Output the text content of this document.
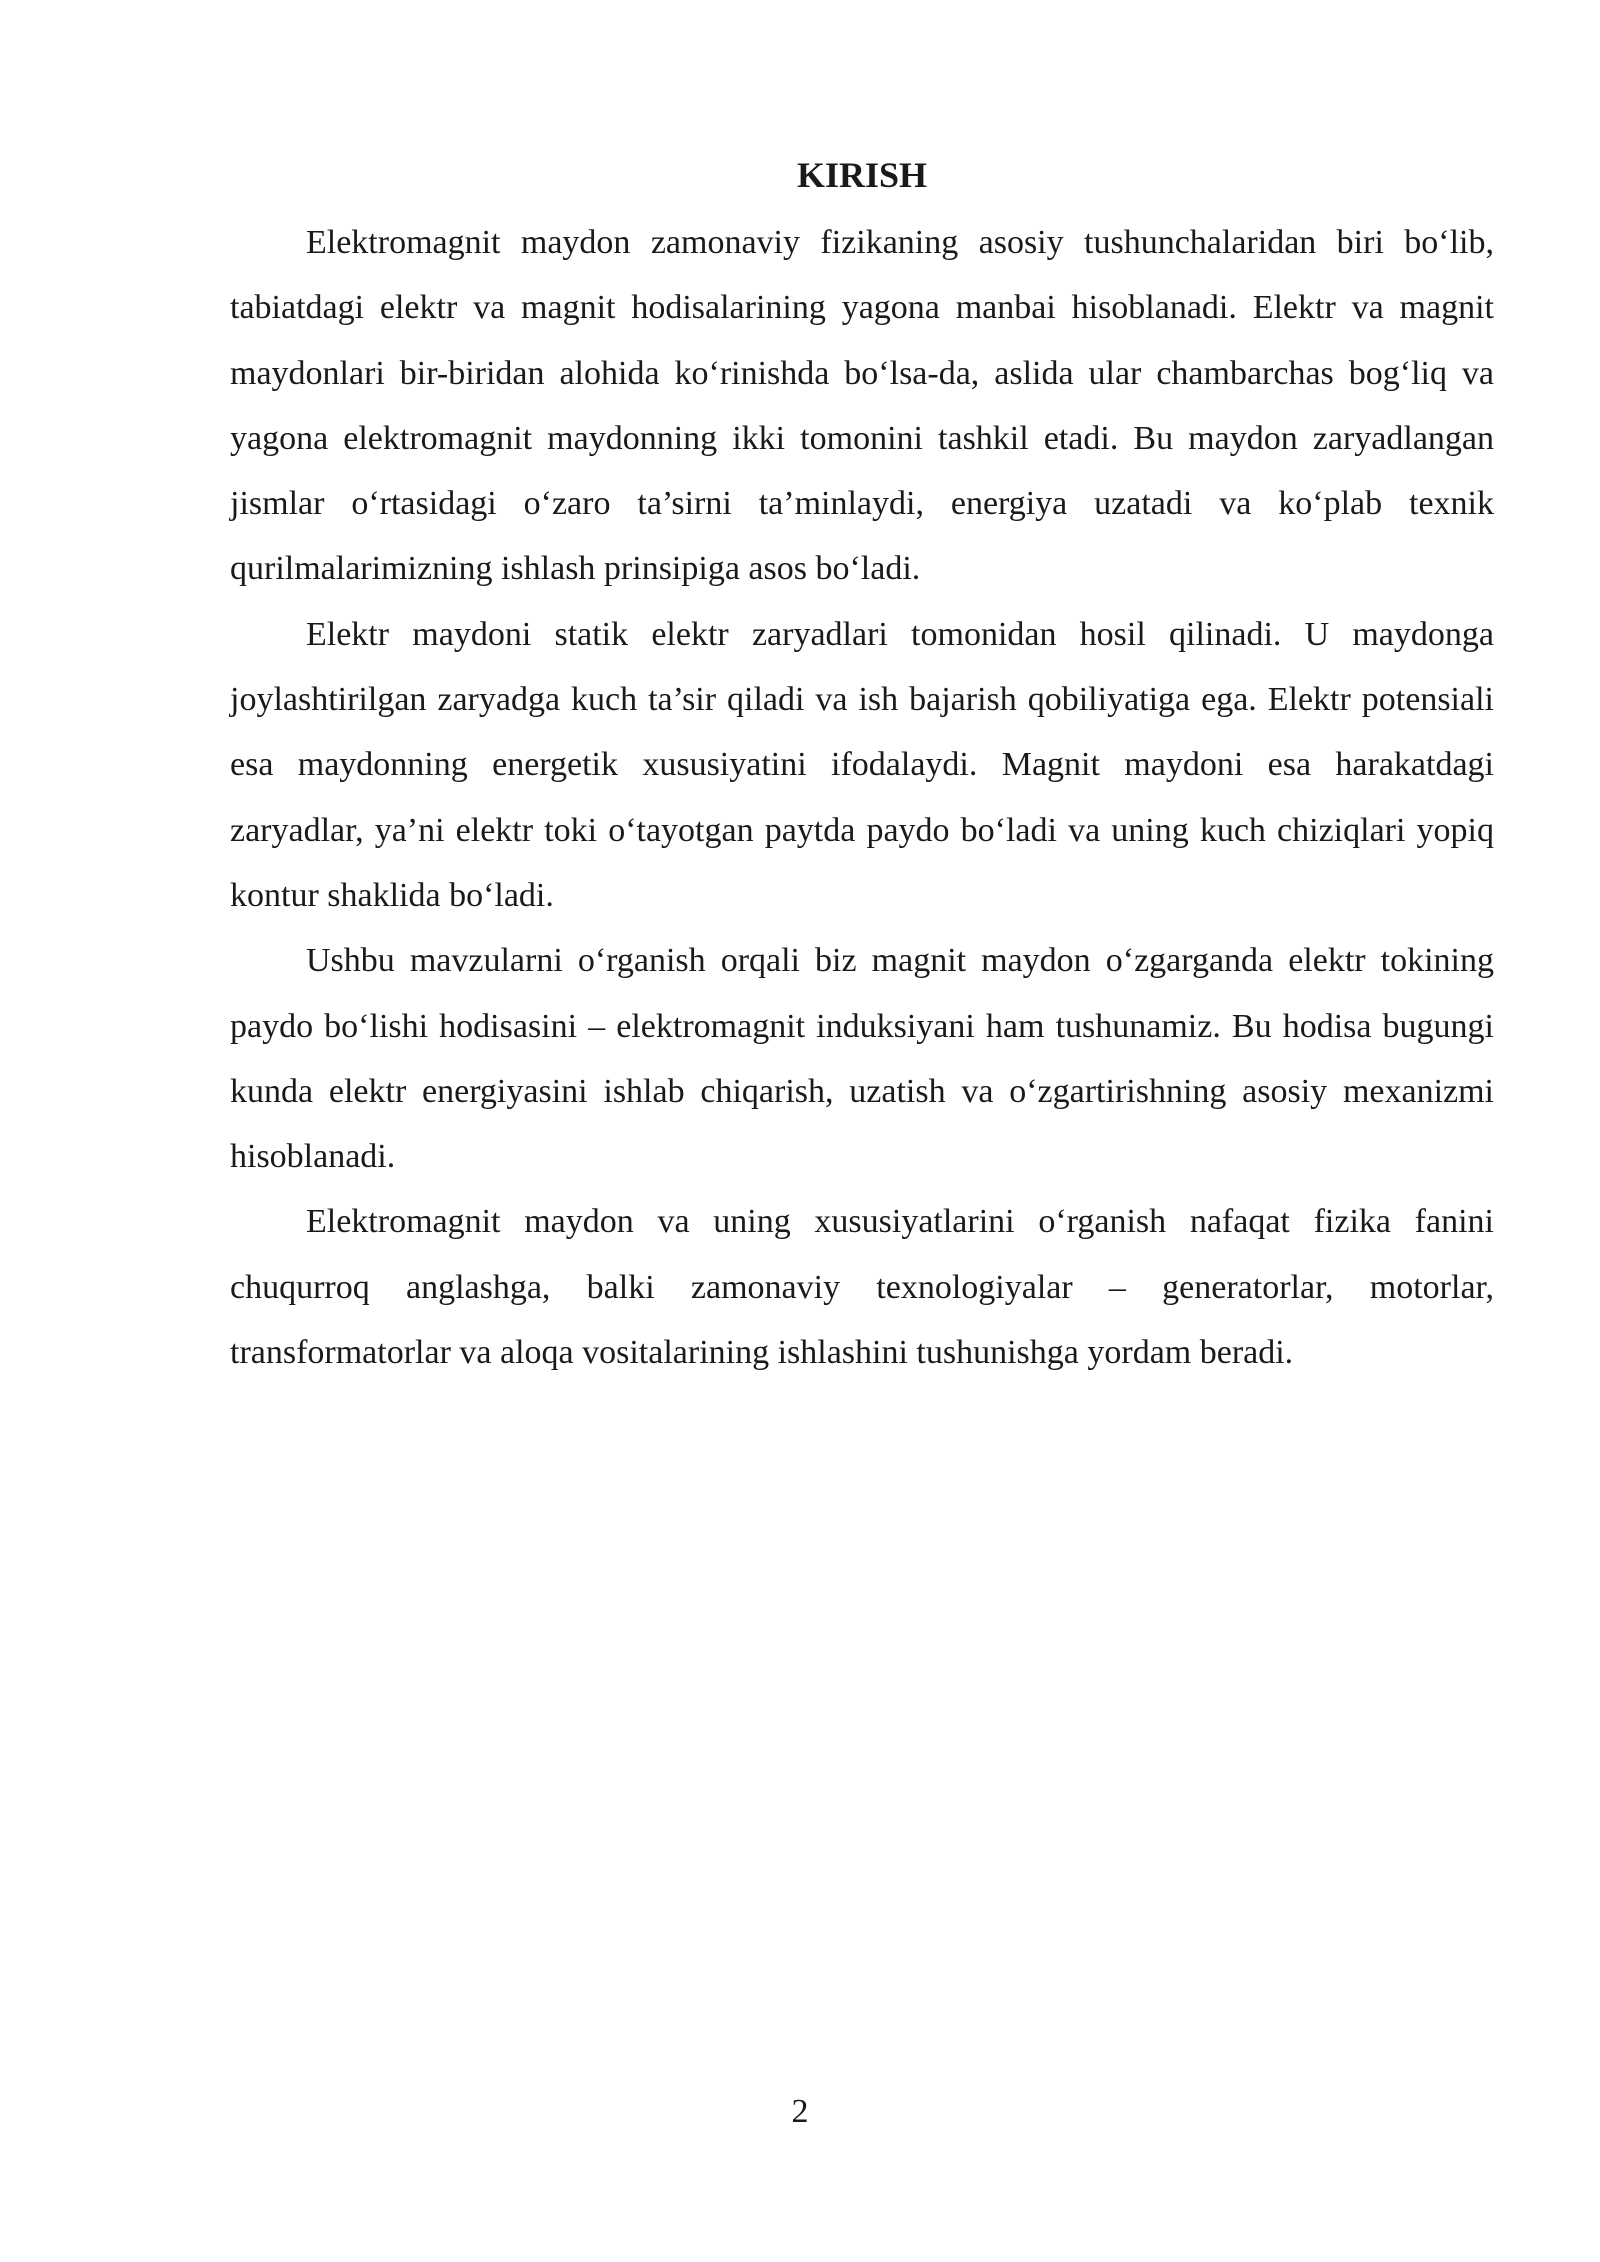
KIRISH

Elektromagnit maydon zamonaviy fizikaning asosiy tushunchalaridan biri bo‘lib, tabiatdagi elektr va magnit hodisalarining yagona manbai hisoblanadi. Elektr va magnit maydonlari bir-biridan alohida ko‘rinishda bo‘lsa-da, aslida ular chambarchas bog‘liq va yagona elektromagnit maydonning ikki tomonini tashkil etadi. Bu maydon zaryadlangan jismlar o‘rtasidagi o‘zaro ta’sirni ta’minlaydi, energiya uzatadi va ko‘plab texnik qurilmalarimizning ishlash prinsipiga asos bo‘ladi.

Elektr maydoni statik elektr zaryadlari tomonidan hosil qilinadi. U maydonga joylashtirilgan zaryadga kuch ta’sir qiladi va ish bajarish qobiliyatiga ega. Elektr potensiali esa maydonning energetik xususiyatini ifodalaydi. Magnit maydoni esa harakatdagi zaryadlar, ya’ni elektr toki o‘tayotgan paytda paydo bo‘ladi va uning kuch chiziqlari yopiq kontur shaklida bo‘ladi.

Ushbu mavzularni o‘rganish orqali biz magnit maydon o‘zgarganda elektr tokining paydo bo‘lishi hodisasini – elektromagnit induksiyani ham tushunamiz. Bu hodisa bugungi kunda elektr energiyasini ishlab chiqarish, uzatish va o‘zgartirishning asosiy mexanizmi hisoblanadi.

Elektromagnit maydon va uning xususiyatlarini o‘rganish nafaqat fizika fanini chuqurroq anglashga, balki zamonaviy texnologiyalar – generatorlar, motorlar, transformatorlar va aloqa vositalarining ishlashini tushunishga yordam beradi.

2
